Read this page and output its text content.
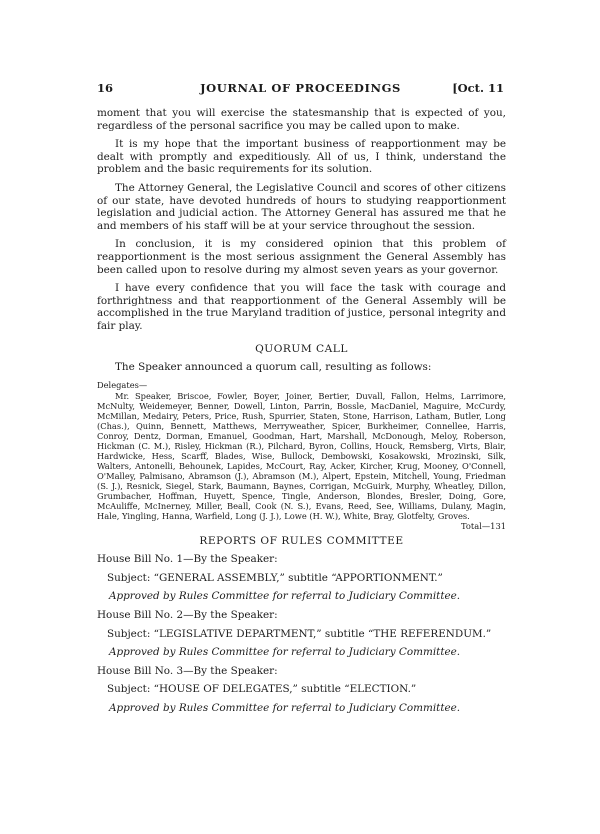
16	JOURNAL OF PROCEEDINGS	[Oct. 11

moment that you will exercise the statesmanship that is expected of you, regardless of the personal sacrifice you may be called upon to make.

It is my hope that the important business of reapportionment may be dealt with promptly and expeditiously. All of us, I think, understand the problem and the basic requirements for its solution.

The Attorney General, the Legislative Council and scores of other citizens of our state, have devoted hundreds of hours to studying reapportionment legislation and judicial action. The Attorney General has assured me that he and members of his staff will be at your service throughout the session.

In conclusion, it is my considered opinion that this problem of reapportionment is the most serious assignment the General Assembly has been called upon to resolve during my almost seven years as your governor.

I have every confidence that you will face the task with courage and forthrightness and that reapportionment of the General Assembly will be accomplished in the true Maryland tradition of justice, personal integrity and fair play.

QUORUM CALL

The Speaker announced a quorum call, resulting as follows:

Delegates—

Mr. Speaker, Briscoe, Fowler, Boyer, Joiner, Bertier, Duvall, Fallon, Helms, Larrimore, McNulty, Weidemeyer, Benner, Dowell, Linton, Parrin, Bossle, MacDaniel, Maguire, McCurdy, McMillan, Medairy, Peters, Price, Rush, Spurrier, Staten, Stone, Harrison, Latham, Butler, Long (Chas.), Quinn, Bennett, Matthews, Merryweather, Spicer, Burkheimer, Connellee, Harris, Conroy, Dentz, Dorman, Emanuel, Goodman, Hart, Marshall, McDonough, Meloy, Roberson, Hickman (C. M.), Risley, Hickman (R.), Pilchard, Byron, Collins, Houck, Remsberg, Virts, Blair, Hardwicke, Hess, Scarff, Blades, Wise, Bullock, Dembowski, Kosakowski, Mrozinski, Silk, Walters, Antonelli, Behounek, Lapides, McCourt, Ray, Acker, Kircher, Krug, Mooney, O'Connell, O'Malley, Palmisano, Abramson (J.), Abramson (M.), Alpert, Epstein, Mitchell, Young, Friedman (S. J.), Resnick, Siegel, Stark, Baumann, Baynes, Corrigan, McGuirk, Murphy, Wheatley, Dillon, Grumbacher, Hoffman, Huyett, Spence, Tingle, Anderson, Blondes, Bresler, Doing, Gore, McAuliffe, McInerney, Miller, Beall, Cook (N. S.), Evans, Reed, See, Williams, Dulany, Magin, Hale, Yingling, Hanna, Warfield, Long (J. J.), Lowe (H. W.), White, Bray, Glotfelty, Groves.
Total—131

REPORTS OF RULES COMMITTEE

House Bill No. 1—By the Speaker:

Subject: “GENERAL ASSEMBLY,” subtitle “APPORTIONMENT.”

Approved by Rules Committee for referral to Judiciary Committee.

House Bill No. 2—By the Speaker:

Subject: “LEGISLATIVE DEPARTMENT,” subtitle “THE REFERENDUM.”

Approved by Rules Committee for referral to Judiciary Committee.

House Bill No. 3—By the Speaker:

Subject: “HOUSE OF DELEGATES,” subtitle “ELECTION.”

Approved by Rules Committee for referral to Judiciary Committee.
